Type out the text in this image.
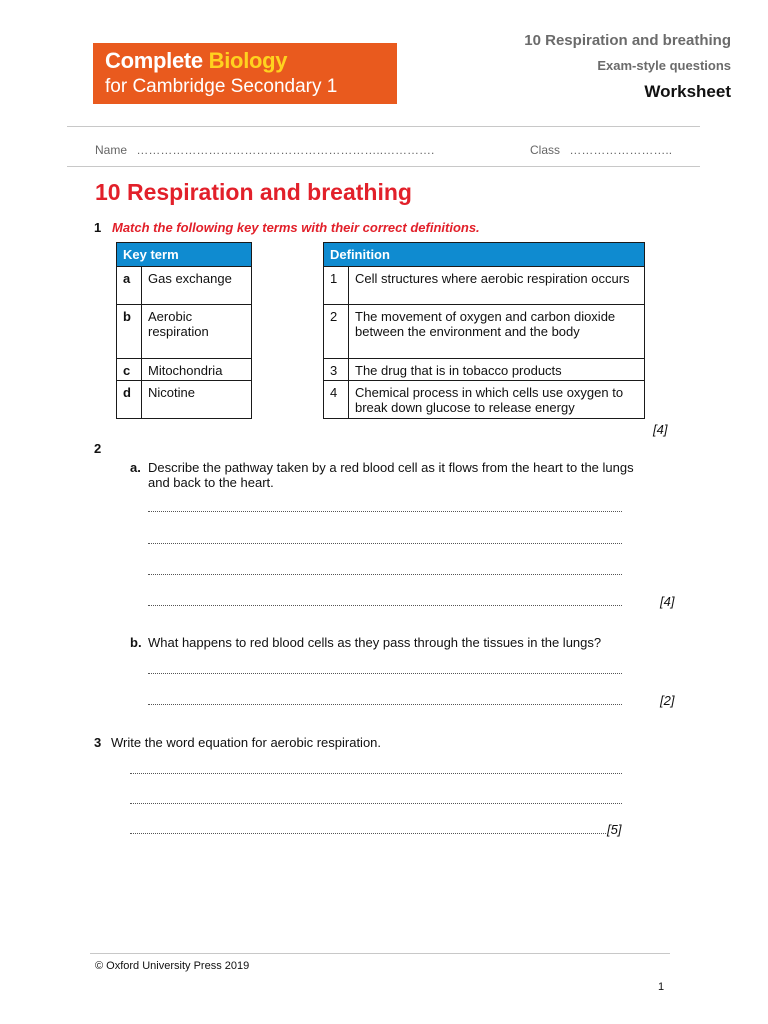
Complete Biology
for Cambridge Secondary 1
10 Respiration and breathing
Exam-style questions
Worksheet
Name ……………………………………………………..………….	Class ……………………..
10 Respiration and breathing
1 Match the following key terms with their correct definitions.
Key term	
a	Gas exchange
b	Aerobic respiration
c	Mitochondria
d	Nicotine
Definition	
1	Cell structures where aerobic respiration occurs
2	The movement of oxygen and carbon dioxide between the environment and the body
3	The drug that is in tobacco products
4	Chemical process in which cells use oxygen to break down glucose to release energy
[4]
2
a. Describe the pathway taken by a red blood cell as it flows from the heart to the lungs and back to the heart.
[4]
b. What happens to red blood cells as they pass through the tissues in the lungs?
[2]
3 Write the word equation for aerobic respiration.
[5]
© Oxford University Press 2019
1
